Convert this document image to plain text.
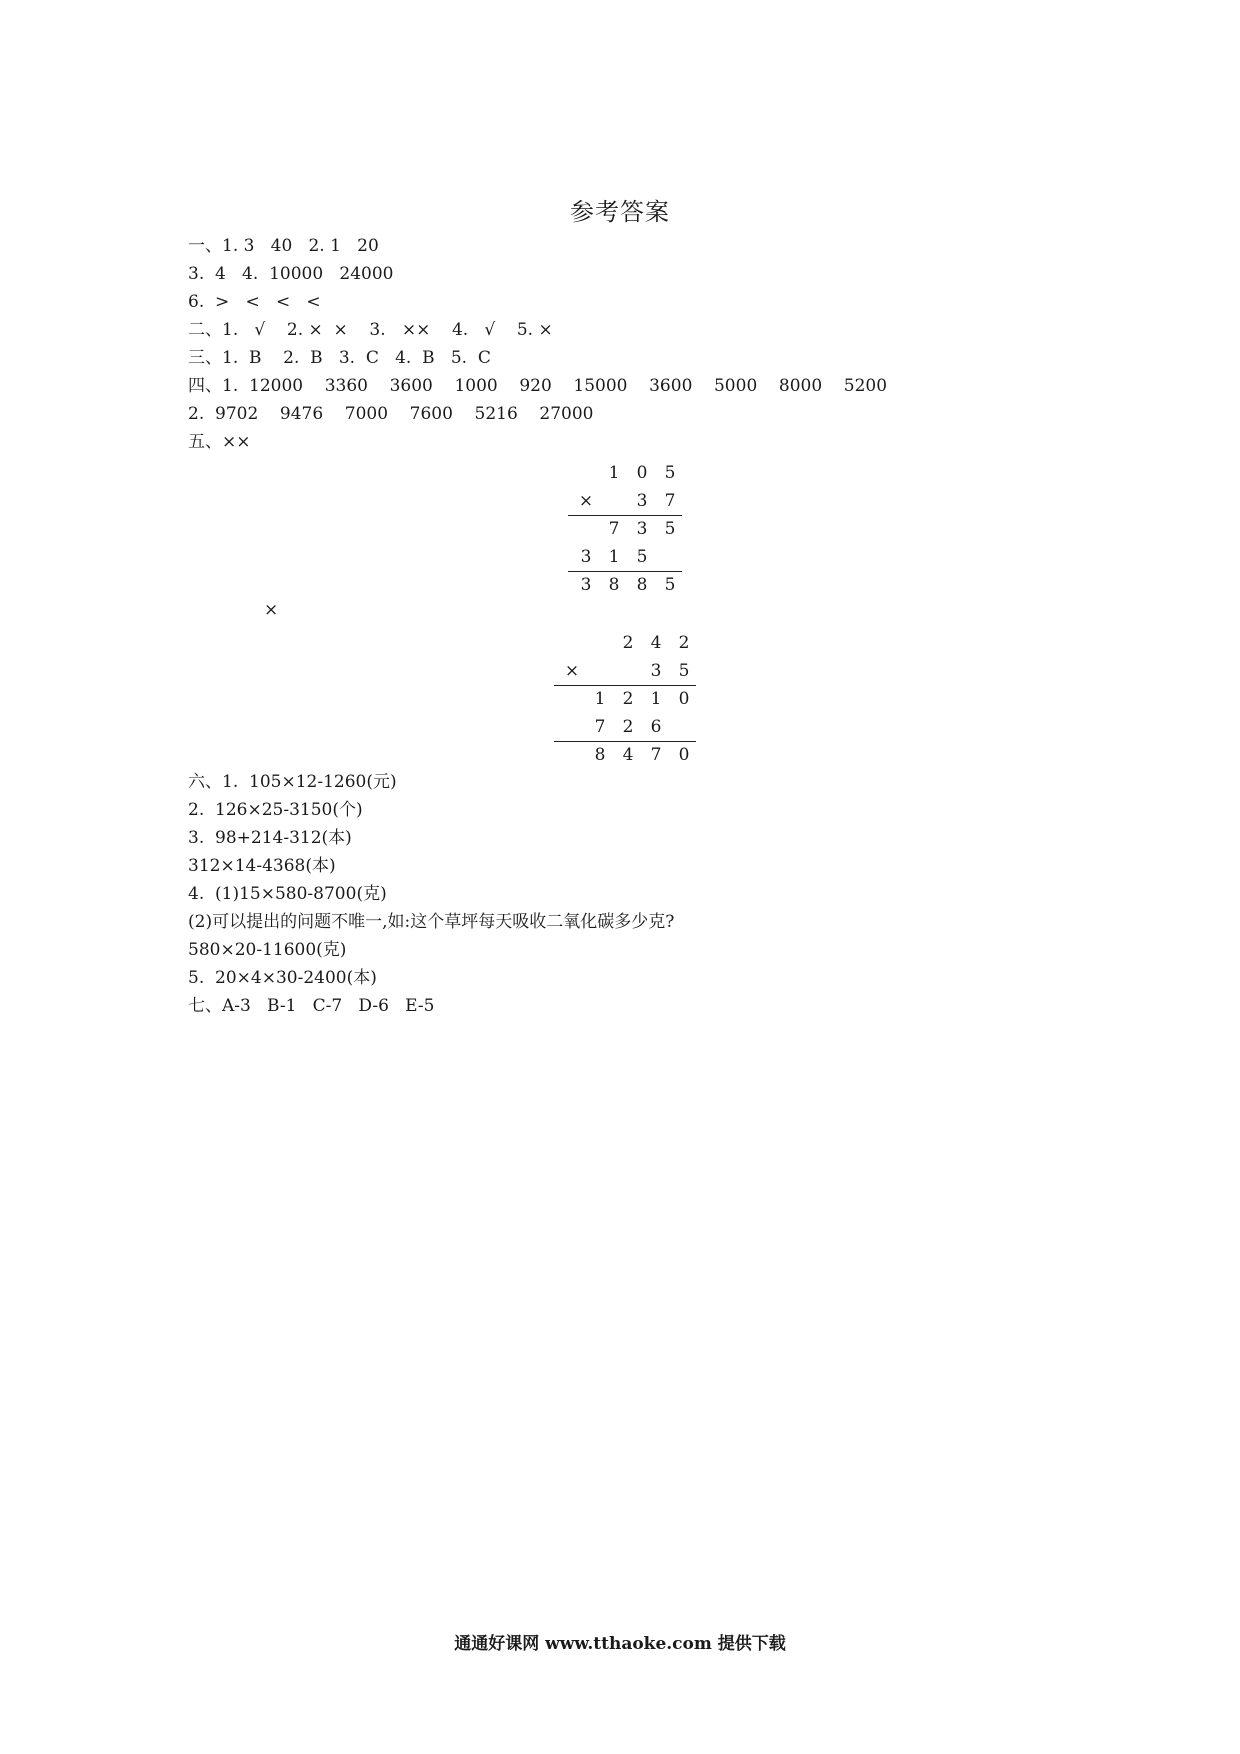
参考答案
一、1. 3   40   2. 1   20
3.  4   4.  10000   24000
6.  >   <   <   <
二、1.   √    2. ×  ×    3.   ××    4.   √    5. ×
三、1.  B    2.  B   3.  C   4.  B   5.  C
四、1.  12000    3360    3600    1000    920    15000    3600    5000    8000    5200
2.  9702    9476    7000    7600    5216    27000
五、××
1 0 5
×	3 7
7 3 5
3 1 5
3 8 8 5
×
2 4 2
×	3 5
1 2 1 0
7 2 6
8 4 7 0
六、1.  105×12-1260(元)
2.  126×25-3150(个)
3.  98+214-312(本)
312×14-4368(本)
4.  (1)15×580-8700(克)
(2)可以提出的问题不唯一,如:这个草坪每天吸收二氧化碳多少克?
580×20-11600(克)
5.  20×4×30-2400(本)
七、A-3   B-1   C-7   D-6   E-5
通通好课网 www.tthaoke.com 提供下载
